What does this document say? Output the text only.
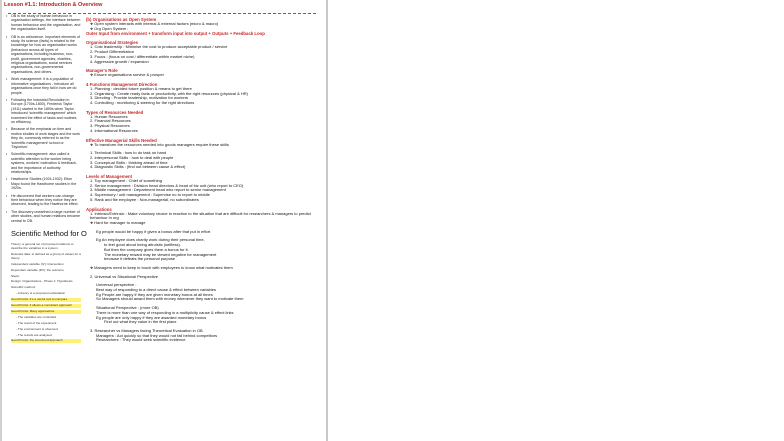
Lesson #1.1: Introduction & Overview

• OB is the study of human behaviour in organisation settings, the interface between human behaviour and the organisation, and the organisation itself.
• OB is an art/science. Important elements of study. Its science (facts) is related to the knowledge for how an organisation works (behaviour across all types of organisations, including business, non-profit, government agencies, charities, religious organisations, social services organisations, non-governmental organisations, and others.
• Work management: it is a population of informative organisations - Introduce all organisations once they fall in how we do people.
• Following the industrial Revolution in Europe (1700s-1800), Frederick Taylor (1911) started in the 1890s when Taylor introduced 'scientific management' which examined the effect of tasks and routines on efficiency.
• Because of the emphasis on time and motion studies of work stages and the work they do, commonly referred to as the 'scientific management' school or 'Taylorism'.
• Scientific management: also called a scientific attention to the worker being systems, workers' motivation & feedback, and the importance of authority relationships.
• Hawthorne Studies (1924-1932): Elton Mayo found the Hawthorne studies in the 1920s.
• He discovered that workers can change their behaviour when they notice they are observed, leading to the Hawthorne effect.
• The discovery unearthed a large number of other studies, and human relations became central to OB.
Scientific Method for O
Theory: a general set of proposed relations to describe the variables in a system.
Relevant data: is defined as a group of values for a theory.
Independent variable (IV): Intervention
Dependent variable (DV): the outcome
Steps:
Design: Organizations - Phase 1: Hypothesis
Scientific method:
- A theory is a proposed explanation
Good Points: it's a useful tool to compare
Good Points: it allows a consistent approach
Good Points: Many approaches
- The variables are controlled
- The result of the experiment
- The environment is observed
- The results are analysed
Good Points: the structured approach

(b) Organisations as Open System

❖ Open system interacts with internal & external factors (micro & macro)

❖ Org Open System :

Outer Input from environment + transform input into output + Outputs + Feedback Loop

Organisational Strategies

1. Cost leadership : Minimise the cost to produce acceptable product / service

2. Product Differentiation

3. Focus : (focus on cost / differentiate within market niche)

4. Aggressive growth / expansion

Manager's Role

❖ Ensure organisations survive & prosper

4 Functions Management Direction

1. Planning : decided future position & means to get there

2. Organising : Create ready facts or productivity, with the right resources (physical & HR)

3. Directing : Provide leadership, motivation for workers

4. Controlling : monitoring & steering for the right directions

Types of Resources Needed

1. Human Resources

2. Financial Resources

3. Physical Resources

4. Informational Resources

Effective Managerial Skills Needed

❖ To transform the resources needed into goods managers require these skills

1. Technical Skills : how to do task on hand

2. Interpersonal Skills : how to deal with people

3. Conceptual Skills : thinking ahead of time

4. Diagnostic Skills : (find out between cause & effect)

Levels of Management

1. Top management : Chief of something

2. Senior management : Division head directors & head of biz unit (who report to CEO)

3. Middle management : Department head who report to senior management

4. Supervisory / unit management : Supervise no to report to middle

5. Rank and file employee : Non-managerial, no subordinates

Applications

1. Intrinsic/Extrinsic : Make voluntary choice in reaction to the situation that are difficult for researchers & managers to predict behaviour in org

❖ Hard for manager to manage

Eg people would be happy if given a bonus after that put in effort

Eg An employee does charity work during their personal time,

to feel good about being altruistic (selfless).

But then the company gives them a bonus for it.

The monetary reward may be viewed negative for management

because it defeats the personal purpose

❖ Managers need to keep in touch with employees to know what motivates them

2. Universal vs Situational Perspective

Universal perspective :

Best way of responding to a direct cause & effect between variables

Eg People are happy if they are given monetary bonus at all times

So Managers should award them with money whenever they want to motivate them

Situational Perspective : (more OB)

There is more than one way of responding in a multiplicity cause & effect links

Eg people are only happy if they are awarded monetary bonus

Find out what they value in the first place

3. Researcher vs Managers facing Theoretical Evaluation in OB

Managers : Act quickly so that they would not fall behind competitors

Researchers : They would seek scientific evidence
